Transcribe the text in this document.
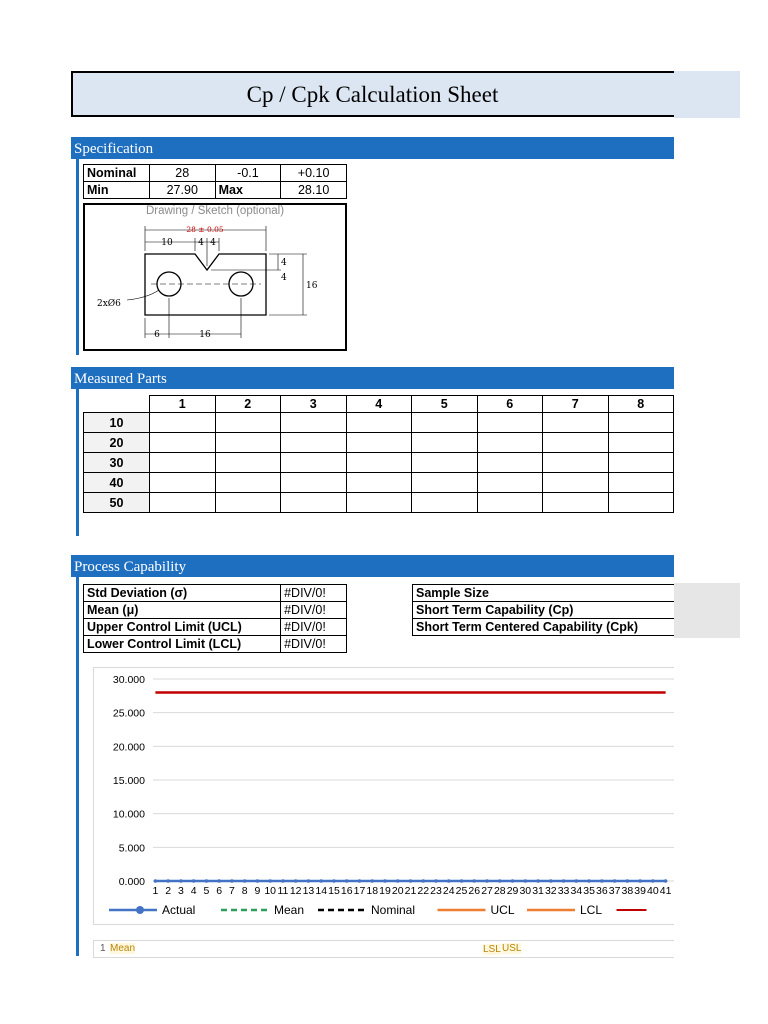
Cp / Cpk Calculation Sheet
Specification
Nominal	28	-0.1	+0.10
Min	27.90	Max	28.10
Drawing / Sketch (optional)
28 ± 0.05
10	4 4
4
4
16
6	16
2xØ6
Measured Parts
	1	2	3	4	5	6	7	8
10								
20								
30								
40								
50								
Process Capability
Std Deviation (σ)	#DIV/0!
Mean (μ)	#DIV/0!
Upper Control Limit (UCL)	#DIV/0!
Lower Control Limit (LCL)	#DIV/0!
Sample Size
Short Term Capability (Cp)
Short Term Centered Capability (Cpk)
30.000
25.000
20.000
15.000
10.000
5.000
0.000
1 2 3 4 5 6 7 8 9 10 11 12 13 14 15 16 17 18 19 20 21 22 23 24 25 26 27 28 29 30 31 32 33 34 35 36 37 38 39 40 41
Actual	Mean	Nominal	UCL	LCL
1 Mean	LSL USL
